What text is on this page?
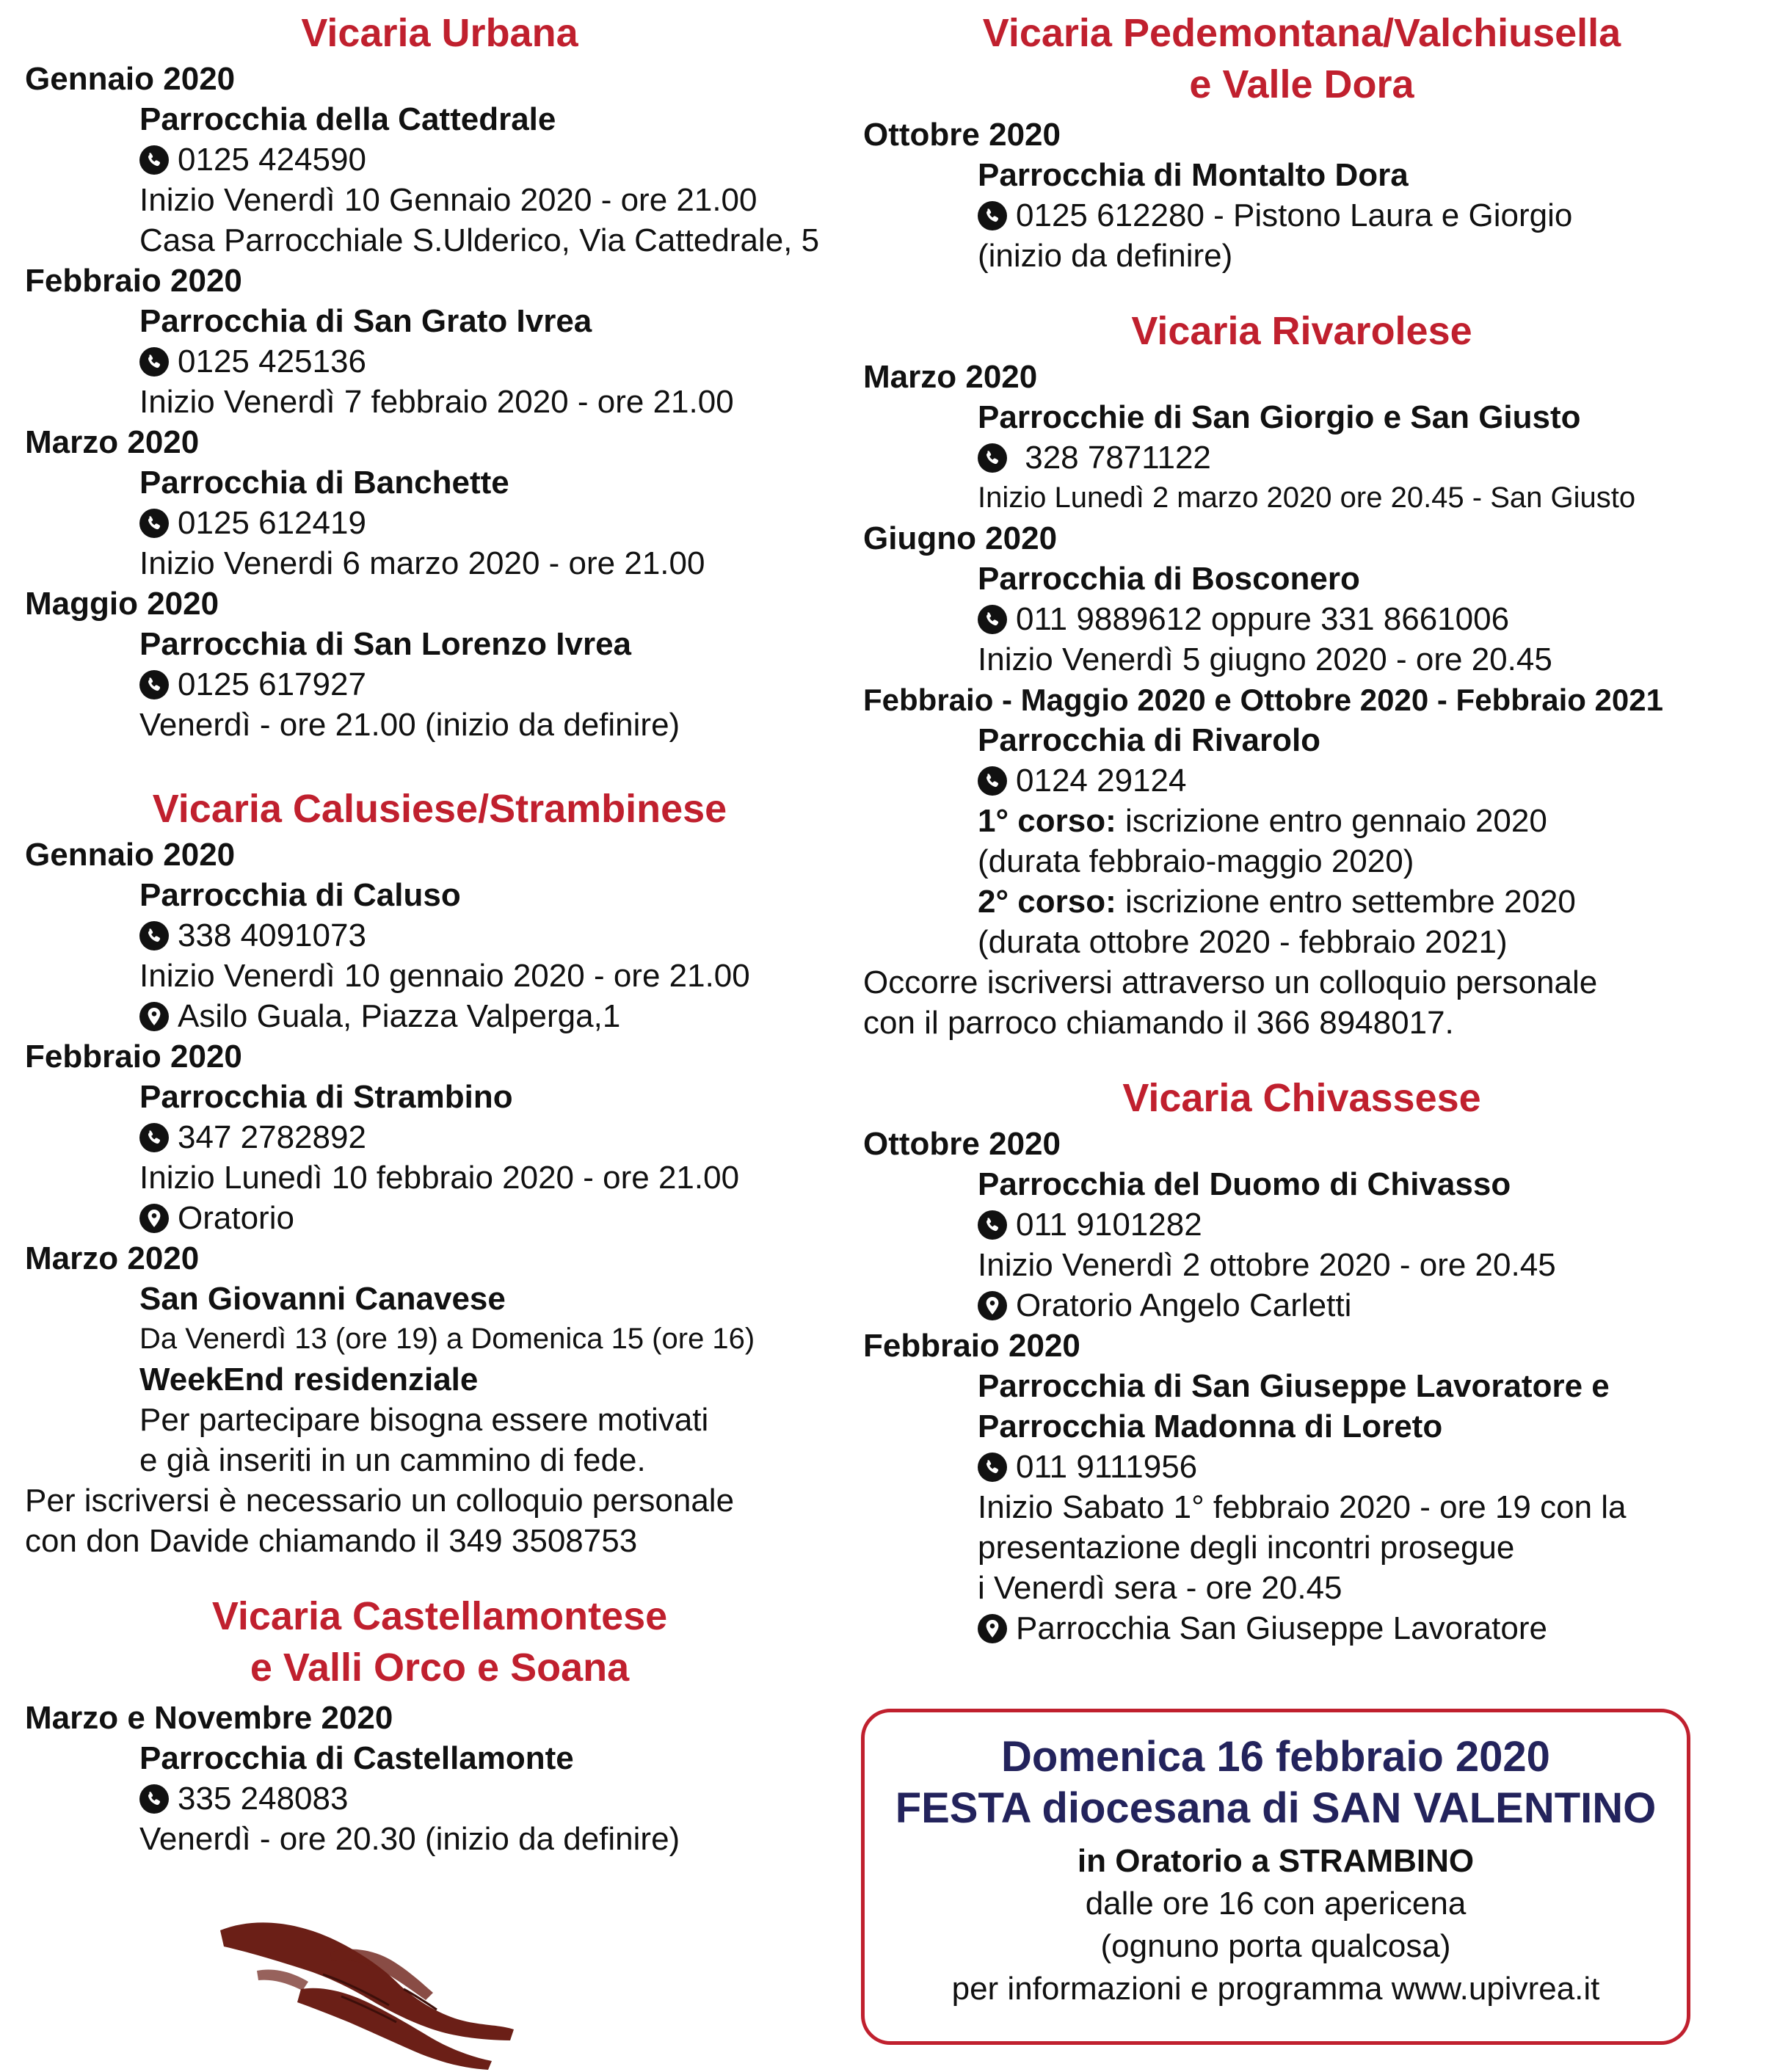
Vicaria Urbana
Gennaio 2020
Parrocchia della Cattedrale
0125 424590
Inizio Venerdì 10 Gennaio 2020 - ore 21.00
Casa Parrocchiale S.Ulderico, Via Cattedrale, 5
Febbraio 2020
Parrocchia di San Grato Ivrea
0125 425136
Inizio Venerdì 7 febbraio 2020 - ore 21.00
Marzo 2020
Parrocchia di Banchette
0125 612419
Inizio Venerdi 6 marzo 2020 - ore 21.00
Maggio 2020
Parrocchia di San Lorenzo Ivrea
0125 617927
Venerdì - ore 21.00 (inizio da definire)
Vicaria Calusiese/Strambinese
Gennaio 2020
Parrocchia di Caluso
338 4091073
Inizio Venerdì 10 gennaio 2020 - ore 21.00
Asilo Guala, Piazza Valperga,1
Febbraio 2020
Parrocchia di Strambino
347 2782892
Inizio Lunedì 10 febbraio 2020 - ore 21.00
Oratorio
Marzo 2020
San Giovanni Canavese
Da Venerdì 13 (ore 19) a Domenica 15 (ore 16)
WeekEnd residenziale
Per partecipare bisogna essere motivati
e già inseriti in un cammino di fede.
Per iscriversi è necessario un colloquio personale
con don Davide chiamando il 349 3508753
Vicaria Castellamontese
e Valli Orco e Soana
Marzo e Novembre 2020
Parrocchia di Castellamonte
335 248083
Venerdì - ore 20.30 (inizio da definire)
Vicaria Pedemontana/Valchiusella
e Valle Dora
Ottobre 2020
Parrocchia di Montalto Dora
0125 612280 - Pistono Laura e Giorgio
(inizio da definire)
Vicaria Rivarolese
Marzo 2020
Parrocchie di San Giorgio e San Giusto
328 7871122
Inizio Lunedì 2 marzo 2020 ore 20.45 - San Giusto
Giugno 2020
Parrocchia di Bosconero
011 9889612 oppure 331 8661006
Inizio Venerdì 5 giugno 2020 - ore 20.45
Febbraio - Maggio 2020 e Ottobre 2020 - Febbraio 2021
Parrocchia di Rivarolo
0124 29124
1° corso: iscrizione entro gennaio 2020
(durata febbraio-maggio 2020)
2° corso: iscrizione entro settembre 2020
(durata ottobre 2020 - febbraio 2021)
Occorre iscriversi attraverso un colloquio personale
con il parroco chiamando il 366 8948017.
Vicaria Chivassese
Ottobre 2020
Parrocchia del Duomo di Chivasso
011 9101282
Inizio Venerdì 2 ottobre 2020 - ore 20.45
Oratorio Angelo Carletti
Febbraio 2020
Parrocchia di San Giuseppe Lavoratore e
Parrocchia Madonna di Loreto
011 9111956
Inizio Sabato 1° febbraio 2020 - ore 19 con la
presentazione degli incontri prosegue
i Venerdì sera - ore 20.45
Parrocchia San Giuseppe Lavoratore
Domenica 16 febbraio 2020
FESTA diocesana di SAN VALENTINO
in Oratorio a STRAMBINO
dalle ore 16 con apericena
(ognuno porta qualcosa)
per informazioni e programma www.upivrea.it
